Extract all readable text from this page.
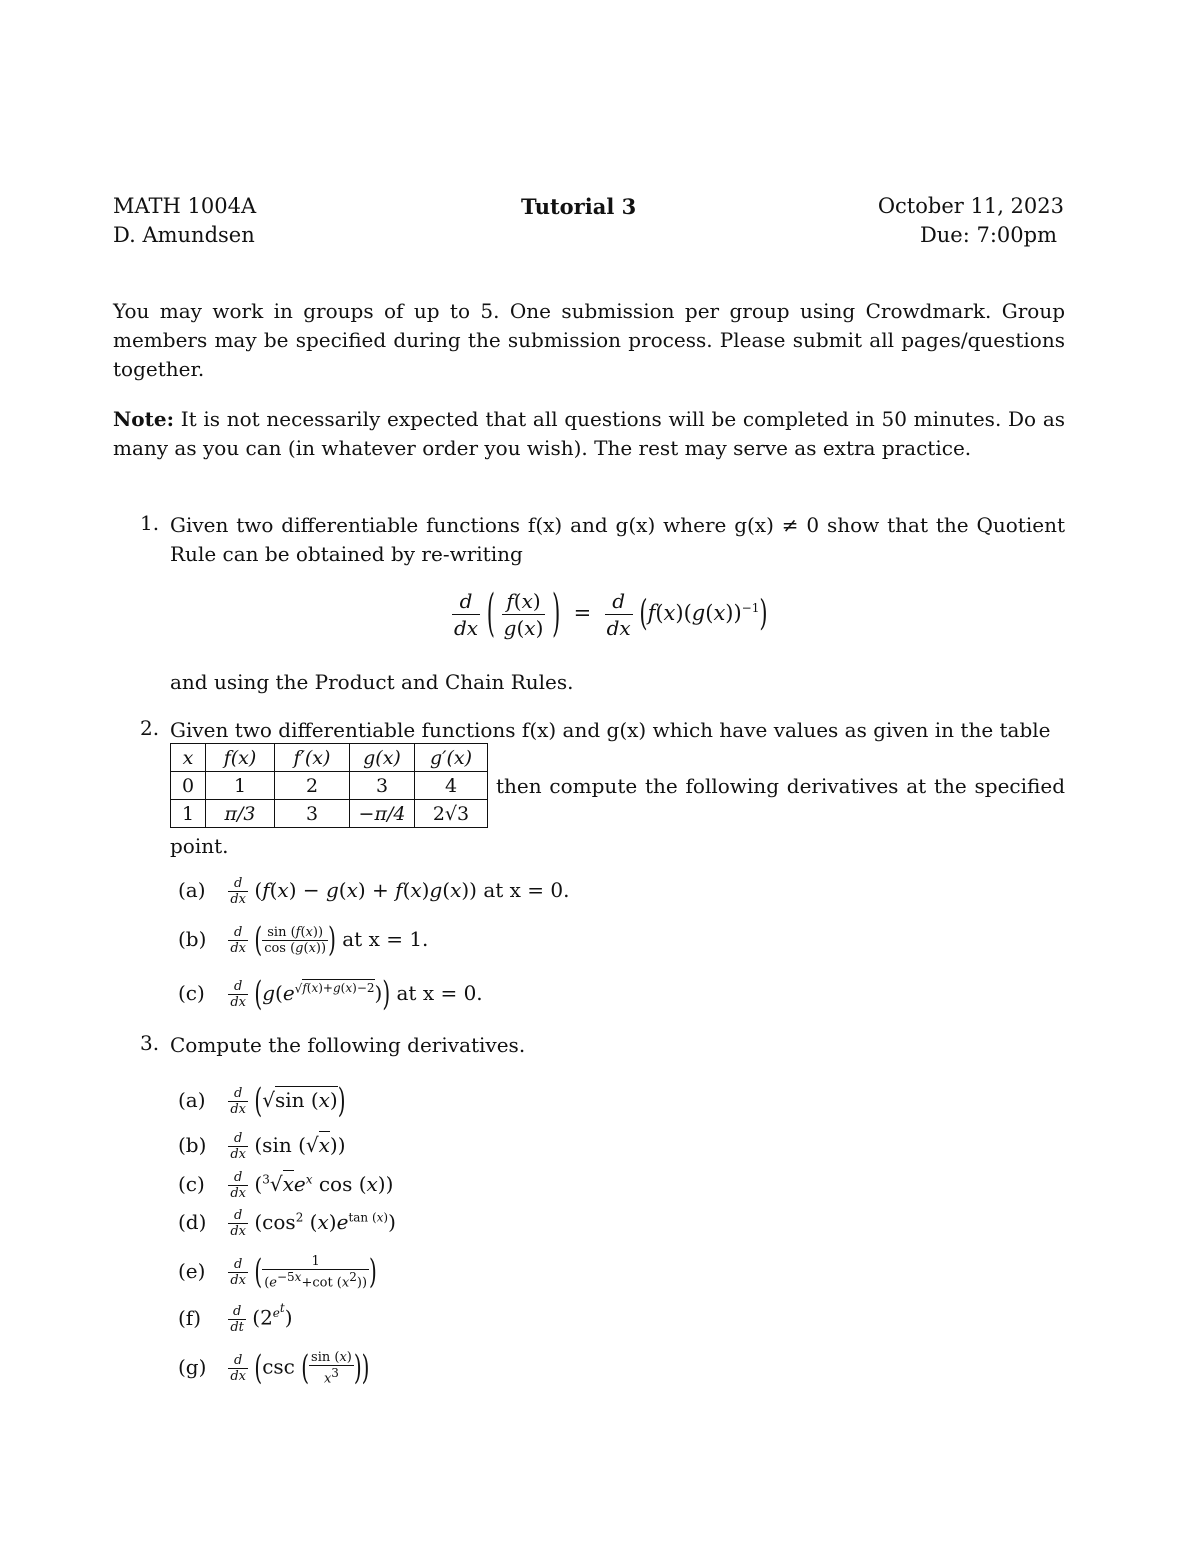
MATH 1004A	Tutorial 3	October 11, 2023
D. Amundsen	Due: 7:00pm
You may work in groups of up to 5. One submission per group using Crowdmark. Group members may be specified during the submission process. Please submit all pages/questions together.
Note: It is not necessarily expected that all questions will be completed in 50 minutes. Do as many as you can (in whatever order you wish). The rest may serve as extra practice.
1. Given two differentiable functions f(x) and g(x) where g(x) ≠ 0 show that the Quotient Rule can be obtained by re-writing
$\frac{d}{dx}$ ( $\frac{f(x)}{g(x)}$ )  = $\frac{d}{dx} (f(x)(g(x))^{-1})$
and using the Product and Chain Rules.
2. Given two differentiable functions f(x) and g(x) which have values as given in the table
x	f(x)	f′(x)	g(x)	g′(x)
0	1	2	3	4
1	π/3	3	−π/4	2√3
then compute the following derivatives at the specified
point.
$(a) \frac{d}{dx} (f(x) - g(x) + f(x)g(x))$ at x = 0.
$(b) \frac{d}{dx}$ ( $\frac{\sin (f(x))}{\cos (g(x))}$ ) at x = 1.
$(c) \frac{d}{dx} (g(e^{√f(x)+g(x)-2}))$ at x = 0.
3. Compute the following derivatives.
$(a) \frac{d}{dx} (√\sin$ (x))
$(b) \frac{d}{dx} (\sin$ (√x))
$(c) \frac{d}{dx} (^3√xe^x$ cos (x))
$(d) \frac{d}{dx} (\cos^2$ $(x)e^{tan (x)}$)
$(e) \frac{d}{dx}$ ( $\frac{1}{(e^{-5x}+\cot (x^2))}$ )
$(f) \frac{d}{dt} (2^{e^t})$
$(g) \frac{d}{dx} (\csc$ ( $\frac{\sin (x)}{x^3}$ ))
